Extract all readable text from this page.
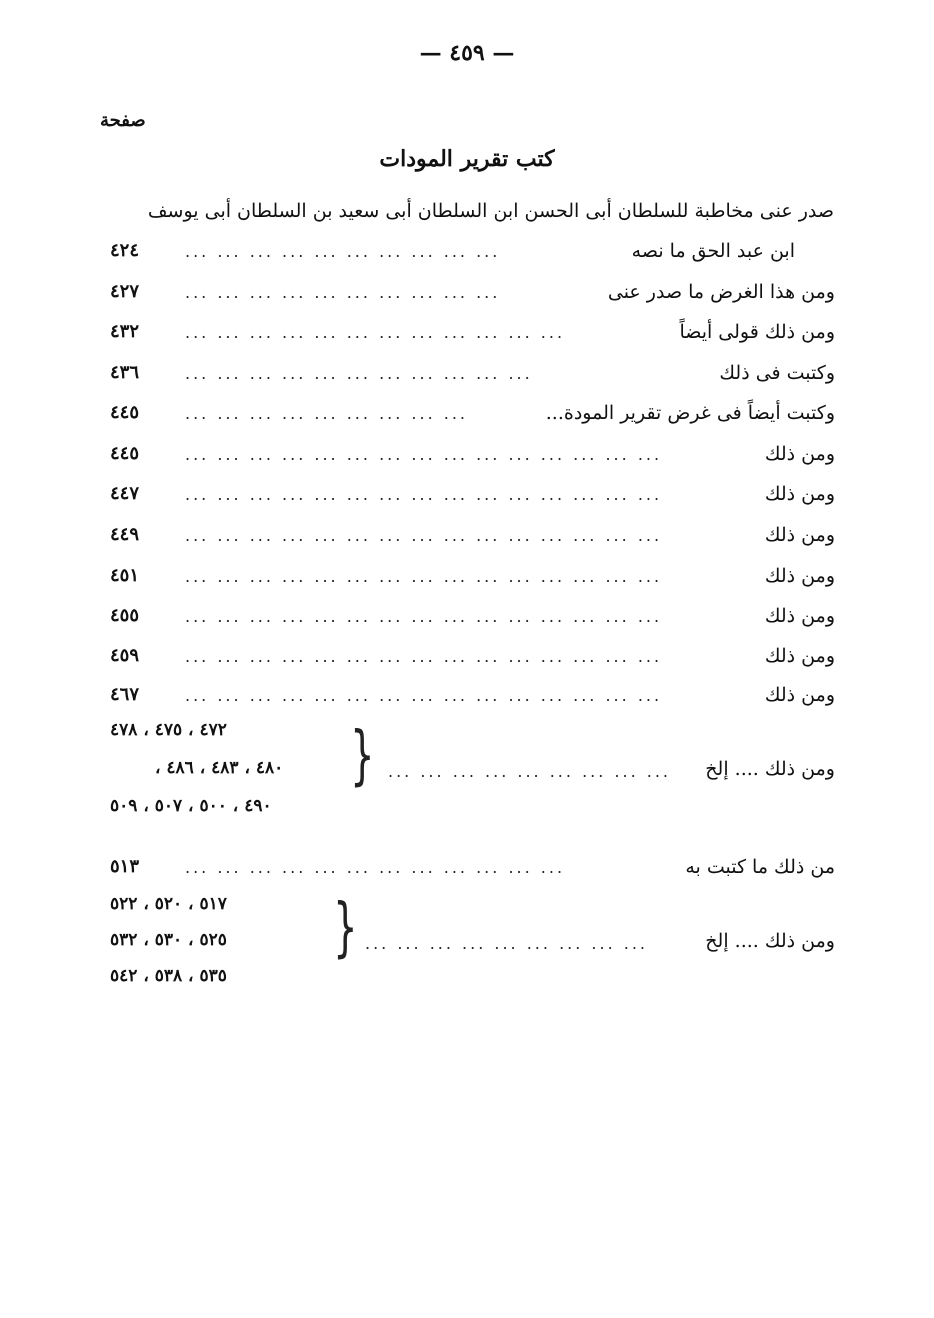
— ٤٥٩ —
صفحة
كتب تقرير المودات
صدر عنى مخاطبة للسلطان أبى الحسن ابن السلطان أبى سعيد بن السلطان أبى يوسف
ابن عبد الحق ما نصه
... ... ... ... ... ... ... ... ... ...
٤٢٤
ومن هذا الغرض ما صدر عنى
... ... ... ... ... ... ... ... ... ...
٤٢٧
ومن ذلك قولى أيضاً
... ... ... ... ... ... ... ... ... ... ... ...
٤٣٢
وكتبت فى ذلك
... ... ... ... ... ... ... ... ... ... ...
٤٣٦
وكتبت أيضاً فى غرض تقرير المودة...
... ... ... ... ... ... ... ... ...
٤٤٥
ومن ذلك
... ... ... ... ... ... ... ... ... ... ... ... ... ... ...
٤٤٥
ومن ذلك
... ... ... ... ... ... ... ... ... ... ... ... ... ... ...
٤٤٧
ومن ذلك
... ... ... ... ... ... ... ... ... ... ... ... ... ... ...
٤٤٩
ومن ذلك
... ... ... ... ... ... ... ... ... ... ... ... ... ... ...
٤٥١
ومن ذلك
... ... ... ... ... ... ... ... ... ... ... ... ... ... ...
٤٥٥
ومن ذلك
... ... ... ... ... ... ... ... ... ... ... ... ... ... ...
٤٥٩
ومن ذلك
... ... ... ... ... ... ... ... ... ... ... ... ... ... ...
٤٦٧
٤٧٢ ، ٤٧٥ ، ٤٧٨
٤٨٠ ، ٤٨٣ ، ٤٨٦ ،
٤٩٠ ، ٥٠٠ ، ٥٠٧ ، ٥٠٩
} ... ... ... ... ... ... ... ... ... ومن ذلك .... إلخ
من ذلك ما كتبت به
... ... ... ... ... ... ... ... ... ... ... ...
٥١٣
٥١٧ ، ٥٢٠ ، ٥٢٢
٥٢٥ ، ٥٣٠ ، ٥٣٢
٥٣٥ ، ٥٣٨ ، ٥٤٢
} ... ... ... ... ... ... ... ... ...	ومن ذلك .... إلخ
